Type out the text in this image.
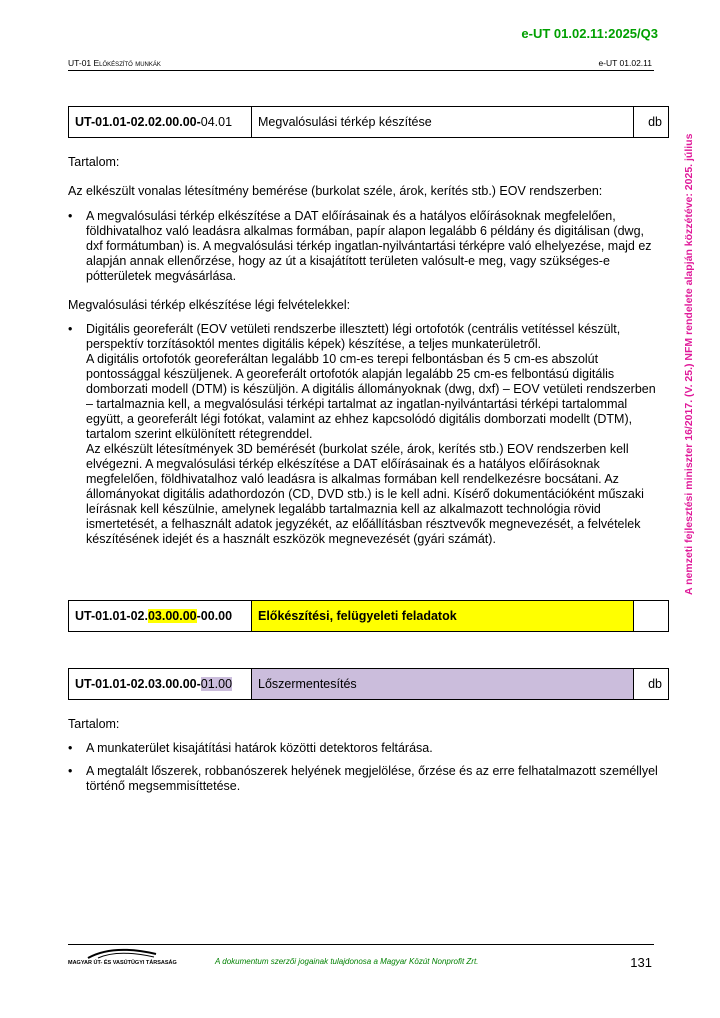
e-UT 01.02.11:2025/Q3
UT-01 Előkészítő munkák	e-UT 01.02.11
A nemzeti fejlesztési miniszter 16/2017. (V. 25.) NFM rendelete alapján közzétéve: 2025. július
UT-01.01-02.02.00.00-04.01	Megvalósulási térkép készítése	db
Tartalom:
Az elkészült vonalas létesítmény bemérése (burkolat széle, árok, kerítés stb.) EOV rendszerben:
• A megvalósulási térkép elkészítése a DAT előírásainak és a hatályos előírásoknak megfelelően, földhivatalhoz való leadásra alkalmas formában, papír alapon legalább 6 példány és digitálisan (dwg, dxf formátumban) is. A megvalósulási térkép ingatlan-nyilvántartási térképre való elhelyezése, majd ez alapján annak ellenőrzése, hogy az út a kisajátított területen valósult-e meg, vagy szükséges-e pótterületek megvásárlása.
Megvalósulási térkép elkészítése légi felvételekkel:
• Digitális georeferált (EOV vetületi rendszerbe illesztett) légi ortofotók (centrális vetítéssel készült, perspektív torzításoktól mentes digitális képek) készítése, a teljes munkaterületről.
A digitális ortofotók georeferáltan legalább 10 cm-es terepi felbontásban és 5 cm-es abszolút pontossággal készüljenek. A georeferált ortofotók alapján legalább 25 cm-es felbontású digitális domborzati modell (DTM) is készüljön. A digitális állományoknak (dwg, dxf) – EOV vetületi rendszerben – tartalmaznia kell, a megvalósulási térképi tartalmat az ingatlan-nyilvántartási térképi tartalommal együtt, a georeferált légi fotókat, valamint az ehhez kapcsolódó digitális domborzati modellt (DTM), tartalom szerint elkülönített rétegrenddel.
Az elkészült létesítmények 3D bemérését (burkolat széle, árok, kerítés stb.) EOV rendszerben kell elvégezni. A megvalósulási térkép elkészítése a DAT előírásainak és a hatályos előírásoknak megfelelően, földhivatalhoz való leadásra is alkalmas formában kell rendelkezésre bocsátani. Az állományokat digitális adathordozón (CD, DVD stb.) is le kell adni. Kísérő dokumentációként műszaki leírásnak kell készülnie, amelynek legalább tartalmaznia kell az alkalmazott technológia rövid ismertetését, a felhasznált adatok jegyzékét, az előállításban résztvevők megnevezését, a felvételek készítésének idejét és a használt eszközök megnevezését (gyári számát).
UT-01.01-02.03.00.00-00.00	Előkészítési, felügyeleti feladatok	
UT-01.01-02.03.00.00-01.00	Lőszermentesítés	db
Tartalom:
• A munkaterület kisajátítási határok közötti detektoros feltárása.
• A megtalált lőszerek, robbanószerek helyének megjelölése, őrzése és az erre felhatalmazott személlyel történő megsemmisíttetése.
MAGYAR ÚT- ÉS VASÚTÜGYI TÁRSASÁG	A dokumentum szerzői jogainak tulajdonosa a Magyar Közút Nonprofit Zrt.	131
